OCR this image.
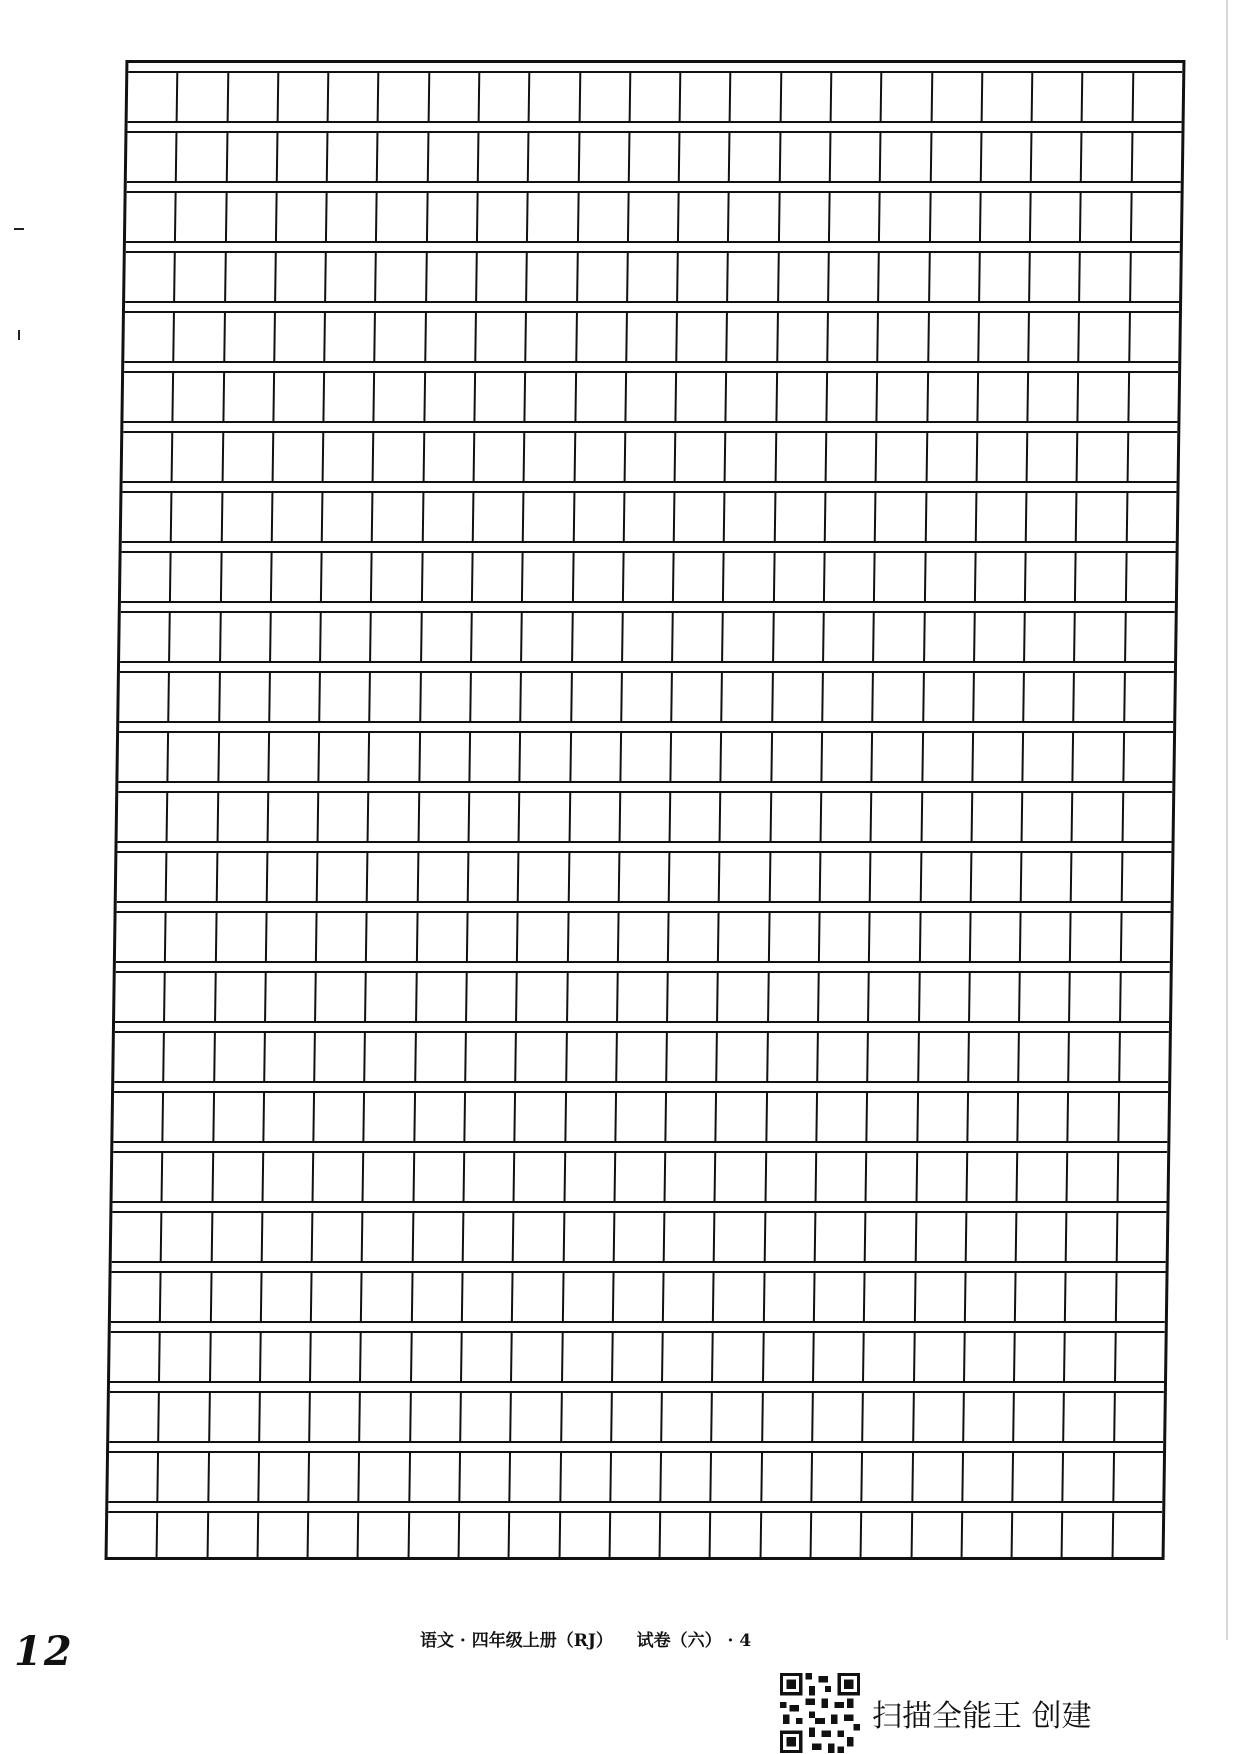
12	语文 · 四年级上册（RJ）    试卷（六） · 4
扫描全能王 创建
